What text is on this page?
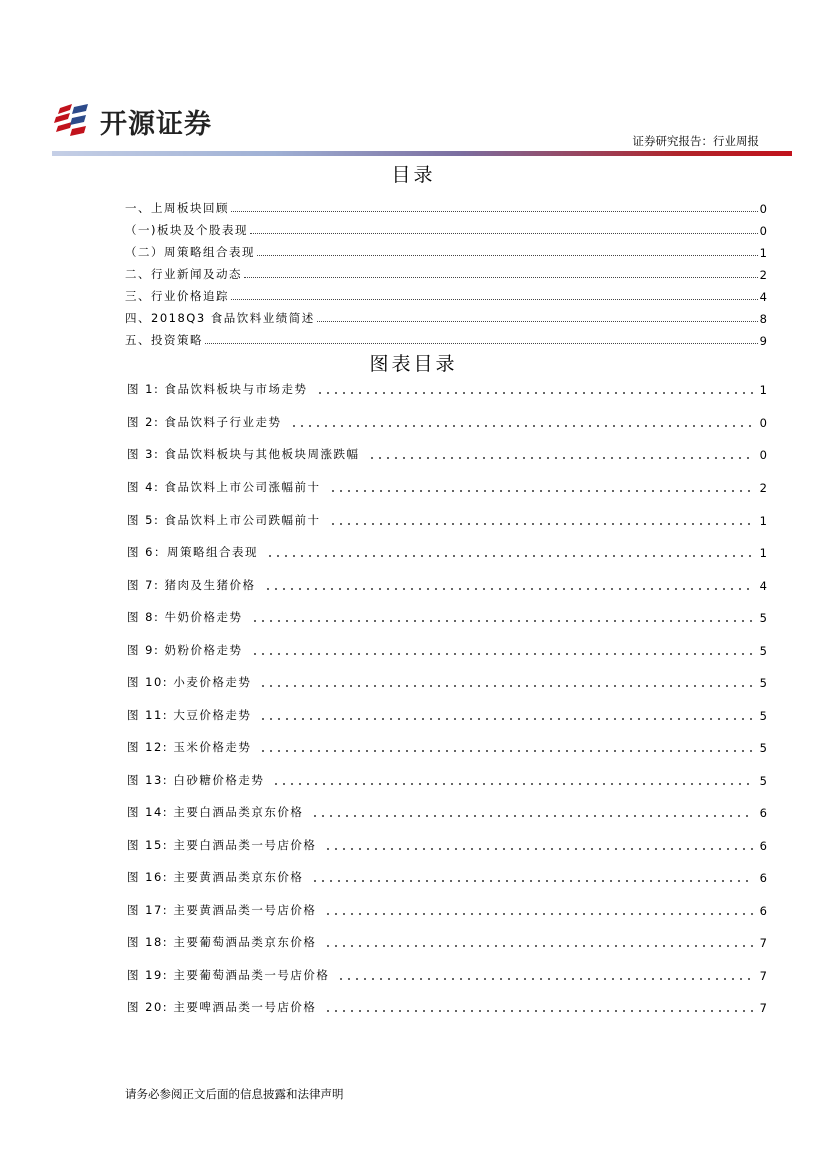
开源证券
证券研究报告：行业周报
目录
一、上周板块回顾	0
（一)板块及个股表现	0
（二）周策略组合表现	1
二、行业新闻及动态	2
三、行业价格追踪	4
四、2018Q3 食品饮料业绩简述	8
五、投资策略	9
图表目录
图 1: 食品饮料板块与市场走势	1
图 2: 食品饮料子行业走势	0
图 3: 食品饮料板块与其他板块周涨跌幅	0
图 4: 食品饮料上市公司涨幅前十	2
图 5: 食品饮料上市公司跌幅前十	1
图 6：周策略组合表现	1
图 7: 猪肉及生猪价格	4
图 8: 牛奶价格走势	5
图 9: 奶粉价格走势	5
图 10: 小麦价格走势	5
图 11: 大豆价格走势	5
图 12: 玉米价格走势	5
图 13: 白砂糖价格走势	5
图 14: 主要白酒品类京东价格	6
图 15: 主要白酒品类一号店价格	6
图 16: 主要黄酒品类京东价格	6
图 17: 主要黄酒品类一号店价格	6
图 18: 主要葡萄酒品类京东价格	7
图 19: 主要葡萄酒品类一号店价格	7
图 20: 主要啤酒品类一号店价格	7
请务必参阅正文后面的信息披露和法律声明
